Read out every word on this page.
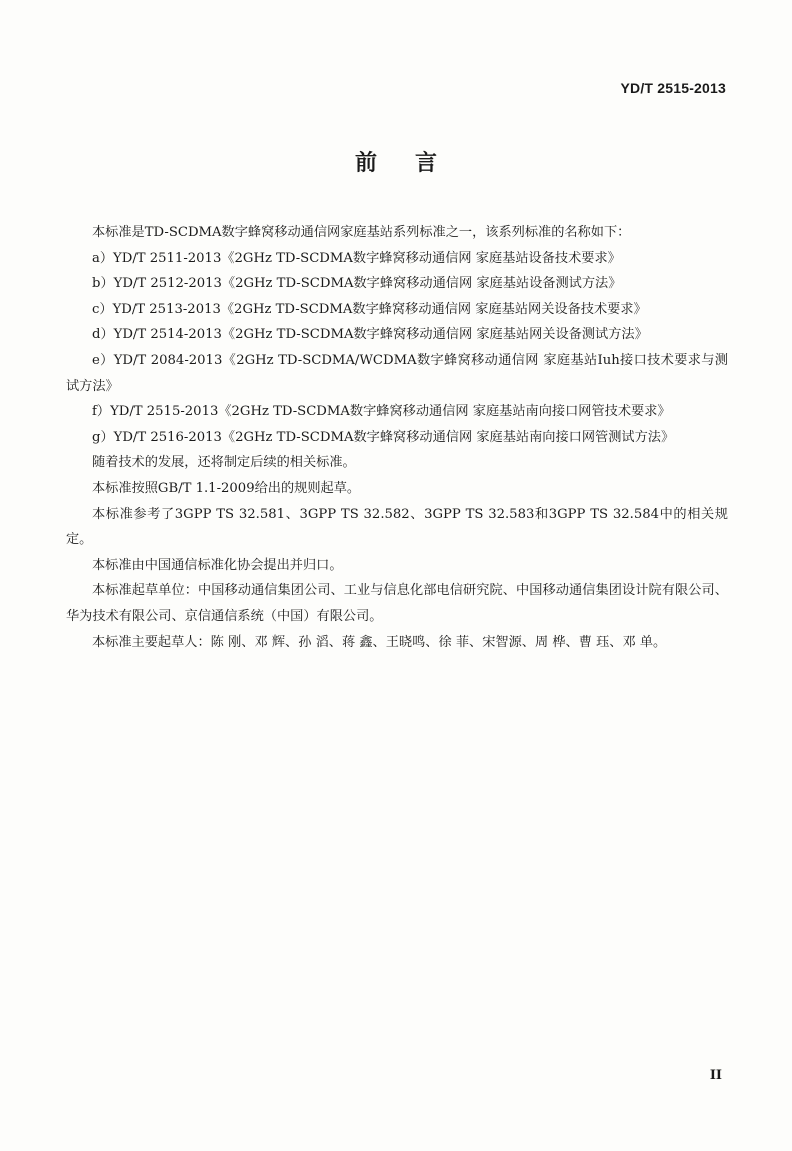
YD/T 2515-2013
前言

本标准是TD-SCDMA数字蜂窝移动通信网家庭基站系列标准之一，该系列标准的名称如下：

a）YD/T 2511-2013《2GHz TD-SCDMA数字蜂窝移动通信网 家庭基站设备技术要求》

b）YD/T 2512-2013《2GHz TD-SCDMA数字蜂窝移动通信网 家庭基站设备测试方法》

c）YD/T 2513-2013《2GHz TD-SCDMA数字蜂窝移动通信网 家庭基站网关设备技术要求》

d）YD/T 2514-2013《2GHz TD-SCDMA数字蜂窝移动通信网 家庭基站网关设备测试方法》

e）YD/T 2084-2013《2GHz TD-SCDMA/WCDMA数字蜂窝移动通信网 家庭基站Iuh接口技术要求与测试方法》

f）YD/T 2515-2013《2GHz TD-SCDMA数字蜂窝移动通信网 家庭基站南向接口网管技术要求》

g）YD/T 2516-2013《2GHz TD-SCDMA数字蜂窝移动通信网 家庭基站南向接口网管测试方法》

随着技术的发展，还将制定后续的相关标准。

本标准按照GB/T 1.1-2009给出的规则起草。

本标准参考了3GPP TS 32.581、3GPP TS 32.582、3GPP TS 32.583和3GPP TS 32.584中的相关规定。

本标准由中国通信标准化协会提出并归口。

本标准起草单位：中国移动通信集团公司、工业与信息化部电信研究院、中国移动通信集团设计院有限公司、华为技术有限公司、京信通信系统（中国）有限公司。

本标准主要起草人：陈 刚、邓 辉、孙 滔、蒋 鑫、王晓鸣、徐 菲、宋智源、周 桦、曹 珏、邓 单。

II
